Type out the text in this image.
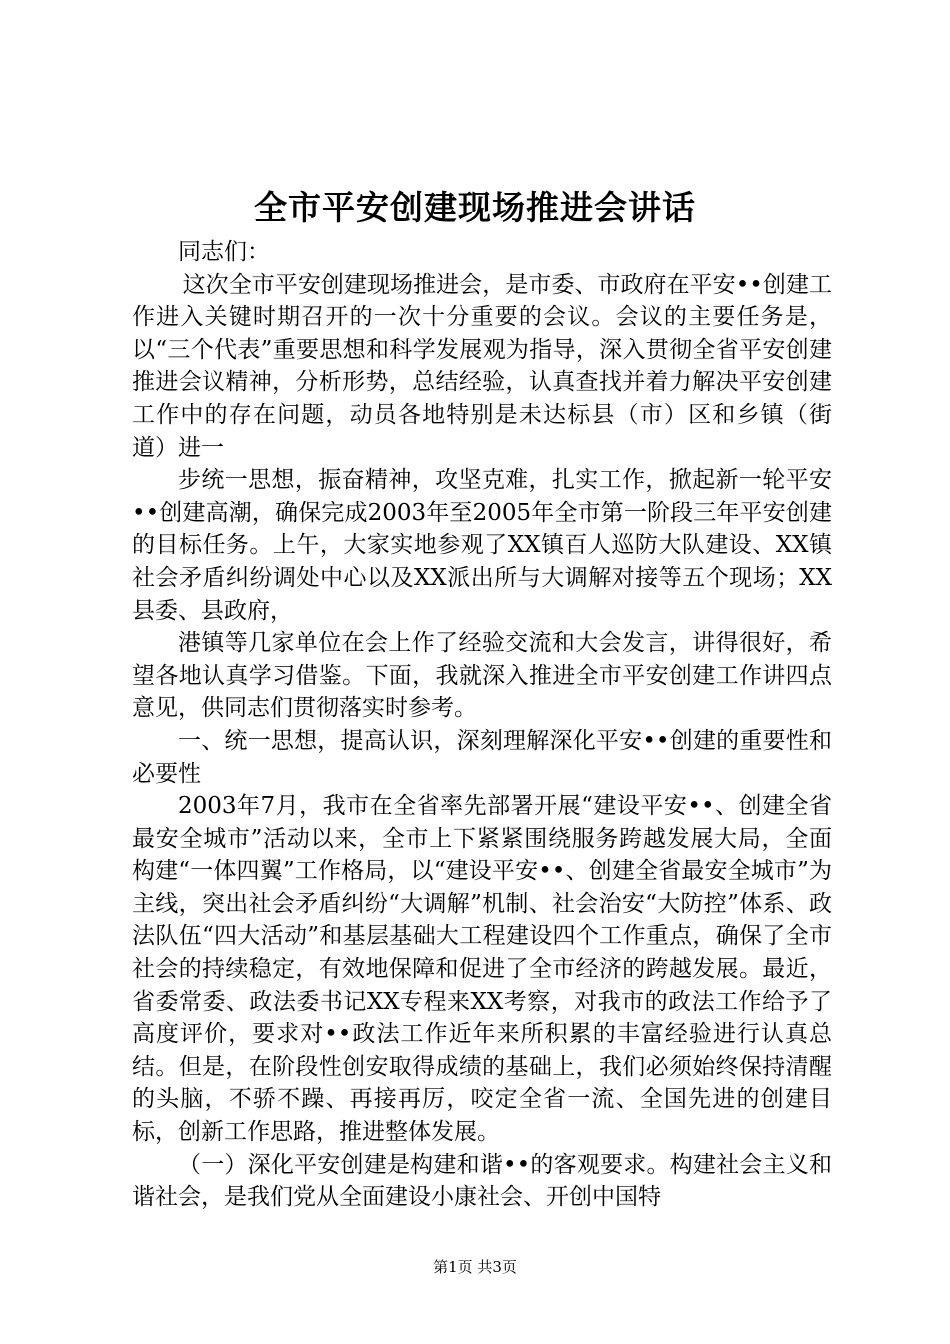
全市平安创建现场推进会讲话

同志们：

这次全市平安创建现场推进会，是市委、市政府在平安••创建工作进入关键时期召开的一次十分重要的会议。会议的主要任务是，以“三个代表”重要思想和科学发展观为指导，深入贯彻全省平安创建推进会议精神，分析形势，总结经验，认真查找并着力解决平安创建工作中的存在问题，动员各地特别是未达标县（市）区和乡镇（街道）进一

步统一思想，振奋精神，攻坚克难，扎实工作，掀起新一轮平安••创建高潮，确保完成2003年至2005年全市第一阶段三年平安创建的目标任务。上午，大家实地参观了XX镇百人巡防大队建设、XX镇社会矛盾纠纷调处中心以及XX派出所与大调解对接等五个现场；XX县委、县政府，

港镇等几家单位在会上作了经验交流和大会发言，讲得很好，希望各地认真学习借鉴。下面，我就深入推进全市平安创建工作讲四点意见，供同志们贯彻落实时参考。

一、统一思想，提高认识，深刻理解深化平安••创建的重要性和必要性

2003年7月，我市在全省率先部署开展“建设平安••、创建全省最安全城市”活动以来，全市上下紧紧围绕服务跨越发展大局，全面构建“一体四翼”工作格局，以“建设平安••、创建全省最安全城市”为主线，突出社会矛盾纠纷“大调解”机制、社会治安“大防控”体系、政法队伍“四大活动”和基层基础大工程建设四个工作重点，确保了全市社会的持续稳定，有效地保障和促进了全市经济的跨越发展。最近，省委常委、政法委书记XX专程来XX考察，对我市的政法工作给予了高度评价，要求对••政法工作近年来所积累的丰富经验进行认真总结。但是，在阶段性创安取得成绩的基础上，我们必须始终保持清醒的头脑，不骄不躁、再接再厉，咬定全省一流、全国先进的创建目标，创新工作思路，推进整体发展。

（一）深化平安创建是构建和谐••的客观要求。构建社会主义和谐社会，是我们党从全面建设小康社会、开创中国特

第1页 共3页
